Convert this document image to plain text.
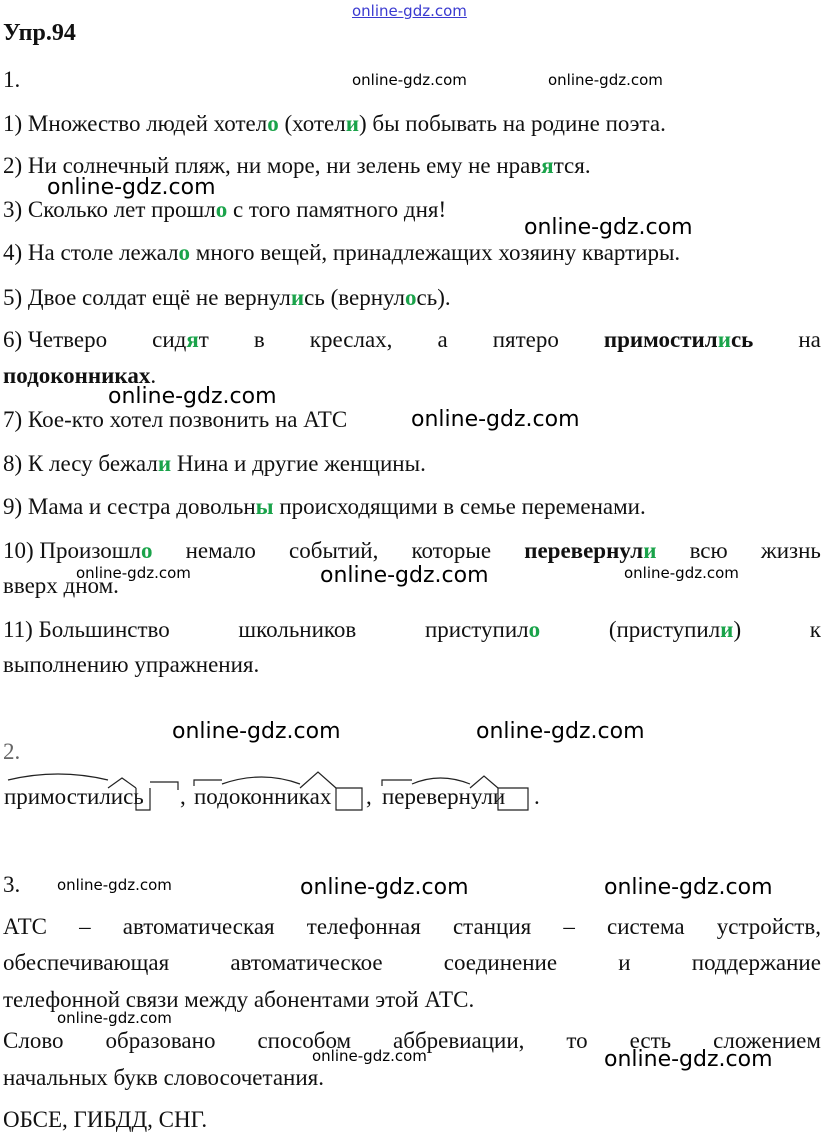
online-gdz.com
Упр.94
1.	online-gdz.com	online-gdz.com
1) Множество людей хотело (хотели) бы побывать на родине поэта.
2) Ни солнечный пляж, ни море, ни зелень ему не нравятся.
online-gdz.com
3) Сколько лет прошло с того памятного дня!
online-gdz.com
4) На столе лежало много вещей, принадлежащих хозяину квартиры.
5) Двое солдат ещё не вернулись (вернулось).
6) Четверо сидят в креслах, а пятеро примостились на
подоконниках.
online-gdz.com
7) Кое-кто хотел позвонить на АТС	online-gdz.com
8) К лесу бежали Нина и другие женщины.
9) Мама и сестра довольны происходящими в семье переменами.
10) Произошло немало событий, которые перевернули всю жизнь
вверх дном.
online-gdz.com	online-gdz.com	online-gdz.com
11) Большинство	школьников	приступило	(приступили)	к
выполнению упражнения.
online-gdz.com	online-gdz.com
2.
примостились , подоконниках , перевернули .
3. online-gdz.com	online-gdz.com	online-gdz.com
АТС – автоматическая телефонная станция – система устройств,
обеспечивающая	автоматическое	соединение	и	поддержание
телефонной связи между абонентами этой АТС.
online-gdz.com
Слово образовано способом аббревиации, то есть сложением
online-gdz.com	online-gdz.com
начальных букв словосочетания.
ОБСЕ, ГИБДД, СНГ.
